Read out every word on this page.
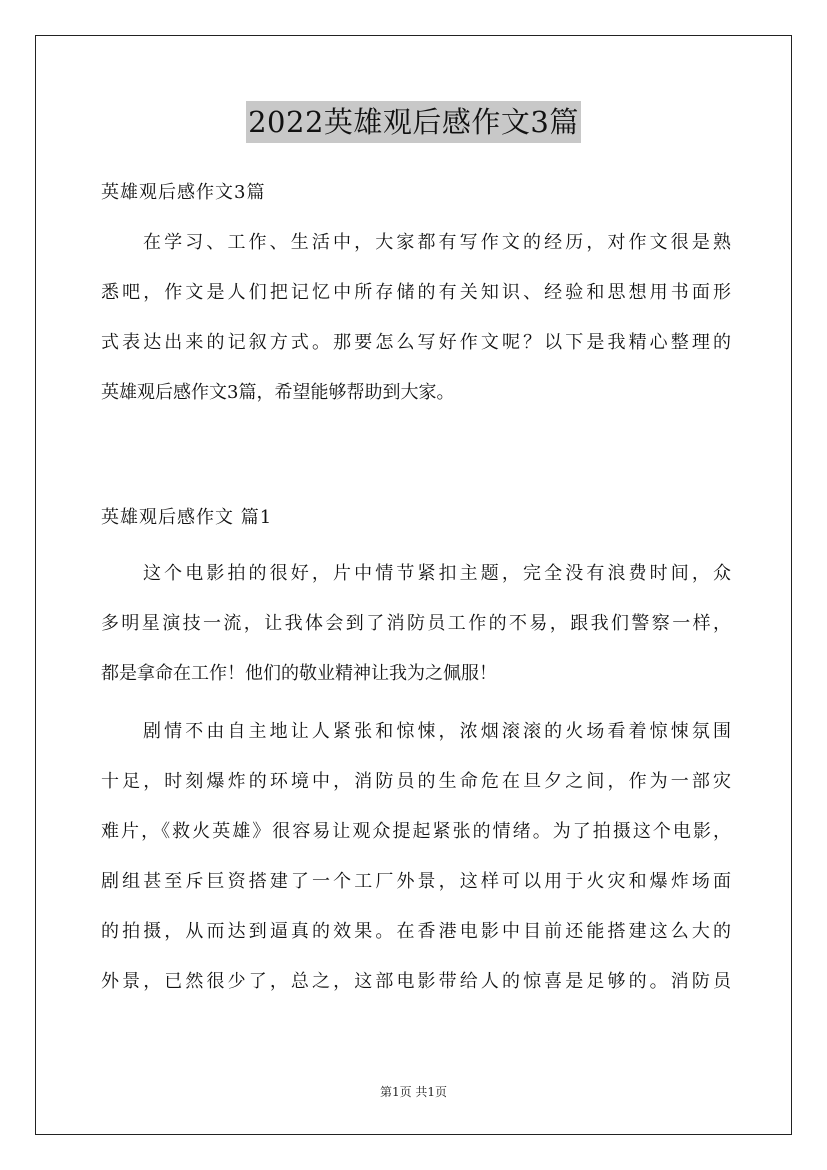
2022英雄观后感作文3篇
英雄观后感作文3篇
在学习、工作、生活中，大家都有写作文的经历，对作文很是熟
悉吧，作文是人们把记忆中所存储的有关知识、经验和思想用书面形
式表达出来的记叙方式。那要怎么写好作文呢？以下是我精心整理的
英雄观后感作文3篇，希望能够帮助到大家。
英雄观后感作文 篇1
这个电影拍的很好，片中情节紧扣主题，完全没有浪费时间，众
多明星演技一流，让我体会到了消防员工作的不易，跟我们警察一样，
都是拿命在工作！他们的敬业精神让我为之佩服！
剧情不由自主地让人紧张和惊悚，浓烟滚滚的火场看着惊悚氛围
十足，时刻爆炸的环境中，消防员的生命危在旦夕之间，作为一部灾
难片，《救火英雄》很容易让观众提起紧张的情绪。为了拍摄这个电影，
剧组甚至斥巨资搭建了一个工厂外景，这样可以用于火灾和爆炸场面
的拍摄，从而达到逼真的效果。在香港电影中目前还能搭建这么大的
外景，已然很少了，总之，这部电影带给人的惊喜是足够的。消防员
第1页 共1页
